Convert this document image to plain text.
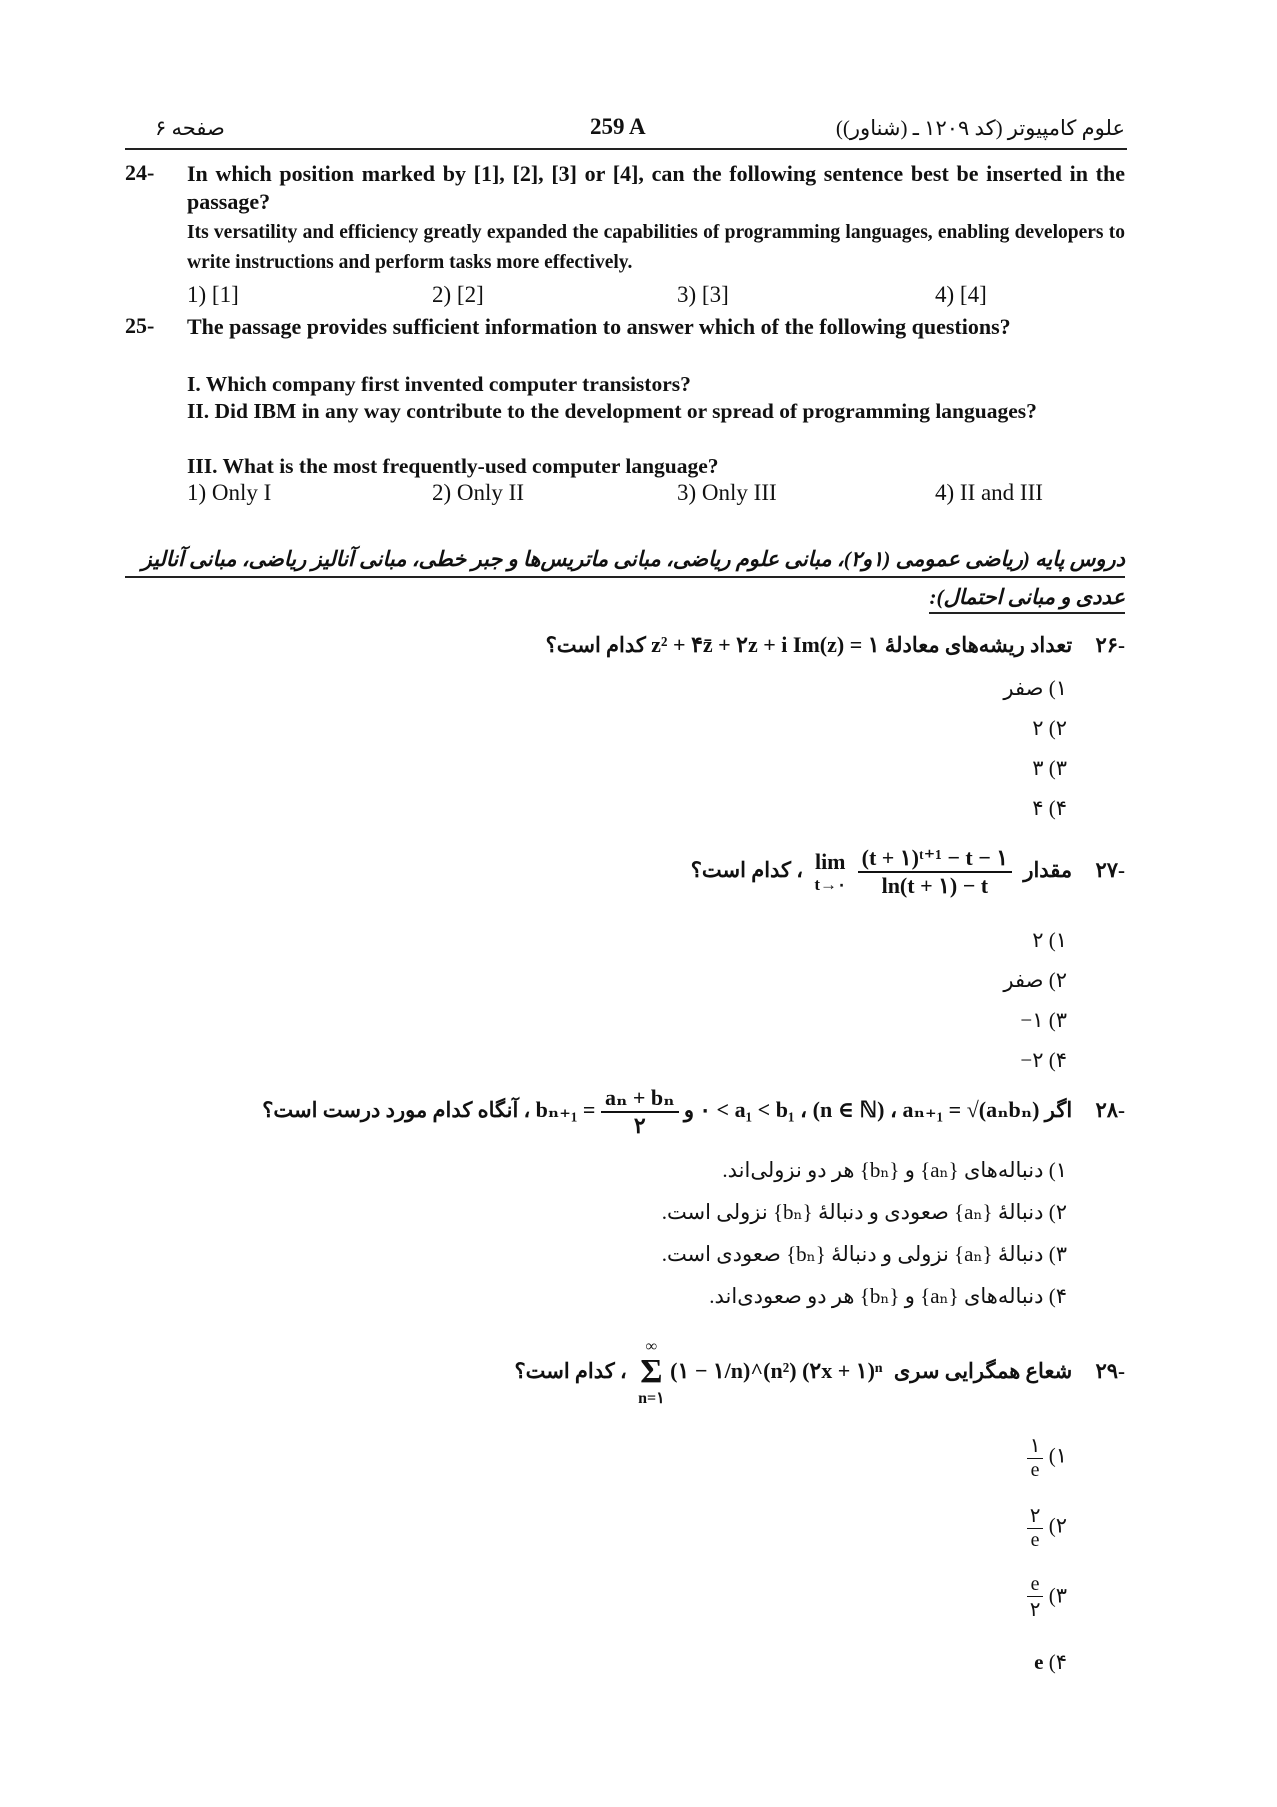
صفحه ۶	259 A	علوم کامپیوتر (کد ۱۲۰۹ ـ (شناور))
24- In which position marked by [1], [2], [3] or [4], can the following sentence best be inserted in the passage?
Its versatility and efficiency greatly expanded the capabilities of programming languages, enabling developers to write instructions and perform tasks more effectively.
1) [1]	2) [2]	3) [3]	4) [4]
25- The passage provides sufficient information to answer which of the following questions?
I. Which company first invented computer transistors?
II. Did IBM in any way contribute to the development or spread of programming languages?
III. What is the most frequently-used computer language?
1) Only I	2) Only II	3) Only III	4) II and III
دروس پایه (ریاضی عمومی (۱و۲)، مبانی علوم ریاضی، مبانی ماتریس‌ها و جبر خطی، مبانی آنالیز ریاضی، مبانی آنالیز
عددی و مبانی احتمال):
-۲۶ تعداد ریشه‌های معادلهٔ z² + ۴z̄ + ۲z + i Im(z) = ۱ کدام است؟
۱) صفر
۲) ۲
۳) ۳
۴) ۴
-۲۷ مقدار
lim
t→۰
$\frac{\text{(t + ۱)ᵗ⁺¹ − t − ۱}}{\ln(t + ۱) - t}$
، کدام است؟
۱) ۲
۲) صفر
۳) ۱−
۴) ۲−
-۲۸ اگر ۰ < a₁ < b₁ ، (n ∈ ℕ) ، aₙ₊₁ = √(aₙbₙ) و $b_{n+1} = \frac{\text{aₙ + bₙ}}{۲}$
، آنگاه کدام مورد درست است؟
۱) دنباله‌های {aₙ} و {bₙ} هر دو نزولی‌اند.
۲) دنبالهٔ {aₙ} صعودی و دنبالهٔ {bₙ} نزولی است.
۳) دنبالهٔ {aₙ} نزولی و دنبالهٔ {bₙ} صعودی است.
۴) دنباله‌های {aₙ} و {bₙ} هر دو صعودی‌اند.
-۲۹ شعاع همگرایی سری
∞
Σ
n=۱
(۱ − ۱/n)^(n²) (۲x + ۱)ⁿ ، کدام است؟
۱)
۱
e
۲)
۲
e
۳)
e
۲
۴) e
